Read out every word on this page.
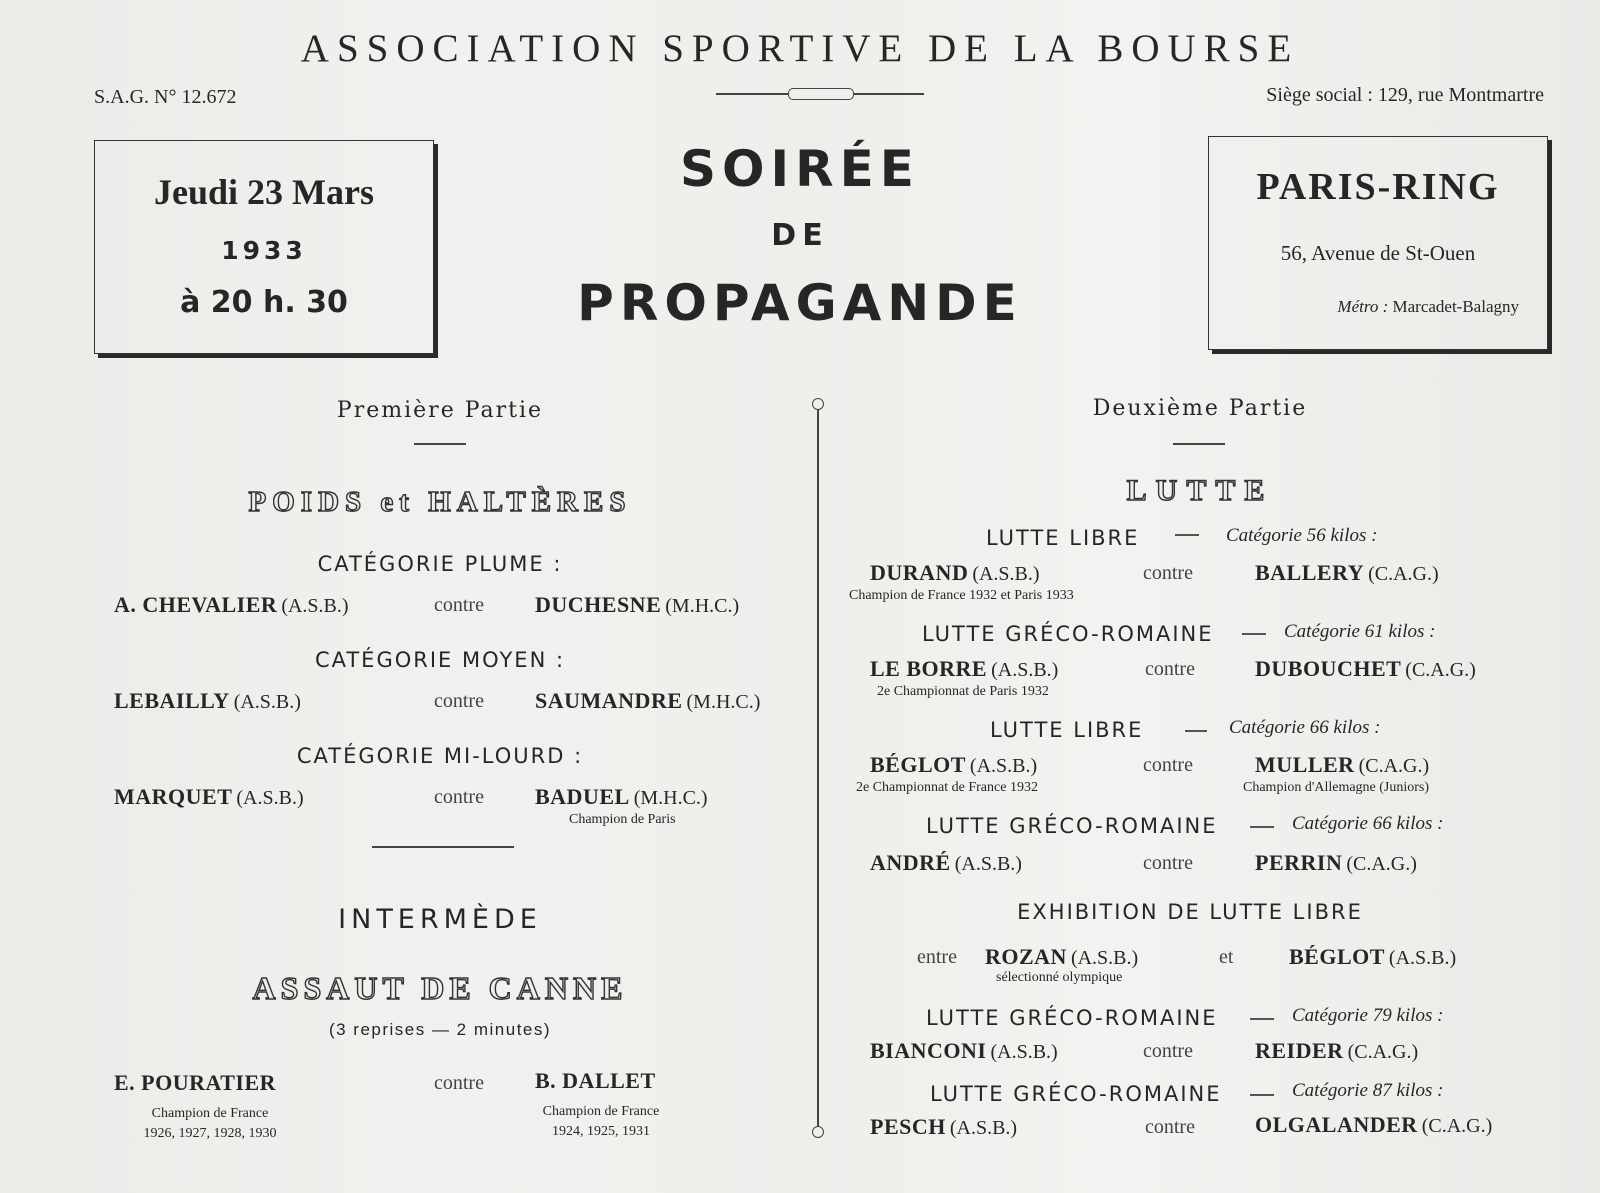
ASSOCIATION SPORTIVE DE LA BOURSE
S.A.G. N° 12.672	Siège social : 129, rue Montmartre
Jeudi 23 Mars
1933
à 20 h. 30
SOIRÉE
DE
PROPAGANDE
PARIS-RING
56, Avenue de St-Ouen
Métro : Marcadet-Balagny
Première Partie
POIDS et HALTÈRES
CATÉGORIE PLUME :
A. CHEVALIER (A.S.B.)	contre DUCHESNE (M.H.C.)
CATÉGORIE MOYEN :
LEBAILLY (A.S.B.)	contre SAUMANDRE (M.H.C.)
CATÉGORIE MI-LOURD :
MARQUET (A.S.B.)	contre BADUEL (M.H.C.)
Champion de Paris
INTERMÈDE
ASSAUT DE CANNE
(3 reprises — 2 minutes)
E. POURATIER
Champion de France
1926, 1927, 1928, 1930
contre B. DALLET
Champion de France
1924, 1925, 1931
Deuxième Partie
LUTTE
LUTTE LIBRE	Catégorie 56 kilos :
DURAND (A.S.B.)	contre	BALLERY (C.A.G.)
Champion de France 1932 et Paris 1933
LUTTE GRÉCO-ROMAINE	Catégorie 61 kilos :
LE BORRE (A.S.B.)	contre	DUBOUCHET (C.A.G.)
2e Championnat de Paris 1932
LUTTE LIBRE	Catégorie 66 kilos :
BÉGLOT (A.S.B.)	contre	MULLER (C.A.G.)
2e Championnat de France 1932	Champion d'Allemagne (Juniors)
LUTTE GRÉCO-ROMAINE	Catégorie 66 kilos :
ANDRÉ (A.S.B.)	contre	PERRIN (C.A.G.)
EXHIBITION DE LUTTE LIBRE
entre ROZAN (A.S.B.)	et	BÉGLOT (A.S.B.)
sélectionné olympique
LUTTE GRÉCO-ROMAINE	Catégorie 79 kilos :
BIANCONI (A.S.B.)	contre	REIDER (C.A.G.)
LUTTE GRÉCO-ROMAINE	Catégorie 87 kilos :
PESCH (A.S.B.)	contre	OLGALANDER (C.A.G.)
